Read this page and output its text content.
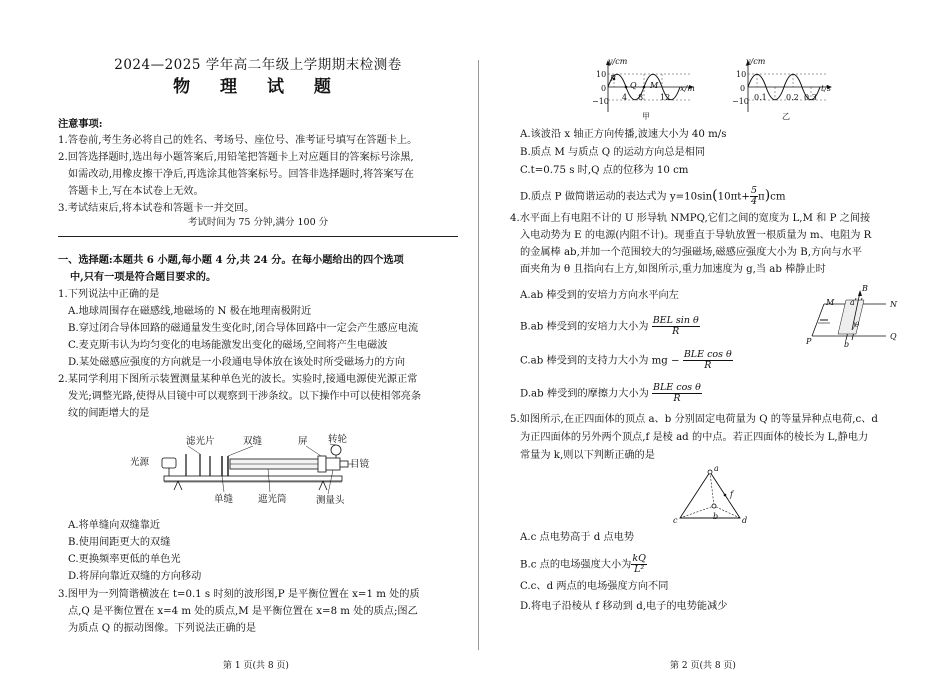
2024—2025 学年高二年级上学期期末检测卷
物 理 试 题
注意事项:
1.答卷前,考生务必将自己的姓名、考场号、座位号、准考证号填写在答题卡上。
2.回答选择题时,选出每小题答案后,用铅笔把答题卡上对应题目的答案标号涂黑,
如需改动,用橡皮擦干净后,再选涂其他答案标号。回答非选择题时,将答案写在
答题卡上,写在本试卷上无效。
3.考试结束后,将本试卷和答题卡一并交回。
考试时间为 75 分钟,满分 100 分
一、选择题:本题共 6 小题,每小题 4 分,共 24 分。在每小题给出的四个选项
中,只有一项是符合题目要求的。
1.下列说法中正确的是
A.地球周围存在磁感线,地磁场的 N 极在地理南极附近
B.穿过闭合导体回路的磁通量发生变化时,闭合导体回路中一定会产生感应电流
C.麦克斯韦认为均匀变化的电场能激发出变化的磁场,空间将产生电磁波
D.某处磁感应强度的方向就是一小段通电导体放在该处时所受磁场力的方向
2.某同学利用下图所示装置测量某种单色光的波长。实验时,接通电源使光源正常
发光;调整光路,使得从目镜中可以观察到干涉条纹。以下操作中可以使相邻亮条
纹的间距增大的是
滤光片	双缝	屏 转轮
光源	目镜
单缝	遮光筒	测量头
A.将单缝向双缝靠近
B.使用间距更大的双缝
C.更换频率更低的单色光
D.将屏向靠近双缝的方向移动
3.图甲为一列简谐横波在 t=0.1 s 时刻的波形图,P 是平衡位置在 x=1 m 处的质
点,Q 是平衡位置在 x=4 m 处的质点,M 是平衡位置在 x=8 m 处的质点;图乙
为质点 Q 的振动图像。下列说法正确的是
第 1 页(共 8 页)
y/cm
10
0
−10 4 8 12
x/m
P
Q M
甲
y/cm
10
0
−10 0.1 0.2 0.3
t/s
乙
A.该波沿 x 轴正方向传播,波速大小为 40 m/s
B.质点 M 与质点 Q 的运动方向总是相同
C.t=0.75 s 时,Q 点的位移为 10 cm
D.质点 P 做简谐运动的表达式为 $y=10\sin(10\pi t+ \frac{5}{4} \pi)cm$
4.水平面上有电阻不计的 U 形导轨 NMPQ,它们之间的宽度为 L,M 和 P 之间接
入电动势为 E 的电源(内阻不计)。现垂直于导轨放置一根质量为 m、电阻为 R
的金属棒 ab,并加一个范围较大的匀强磁场,磁感应强度大小为 B,方向与水平
面夹角为 θ 且指向右上方,如图所示,重力加速度为 g,当 ab 棒静止时
A.ab 棒受到的安培力方向水平向左
B.ab 棒受到的安培力大小为 $\frac{\text{BEL sin θ}}{R}$
C.ab 棒受到的支持力大小为 mg − $\frac{\text{BLE cos θ}}{R}$
D.ab 棒受到的摩擦力大小为 $\frac{\text{BLE cos θ}}{R}$
M	N
P
Q
a
b
B
θ
5.如图所示,在正四面体的顶点 a、b 分别固定电荷量为 Q 的等量异种点电荷,c、d
为正四面体的另外两个顶点,f 是棱 ad 的中点。若正四面体的棱长为 L,静电力
常量为 k,则以下判断正确的是
a
b
c	d
f
A.c 点电势高于 d 点电势
B.c 点的电场强度大小为 $\frac{kQ}{\text{L²}}$
C.c、d 两点的电场强度方向不同
D.将电子沿棱从 f 移动到 d,电子的电势能减少
第 2 页(共 8 页)
